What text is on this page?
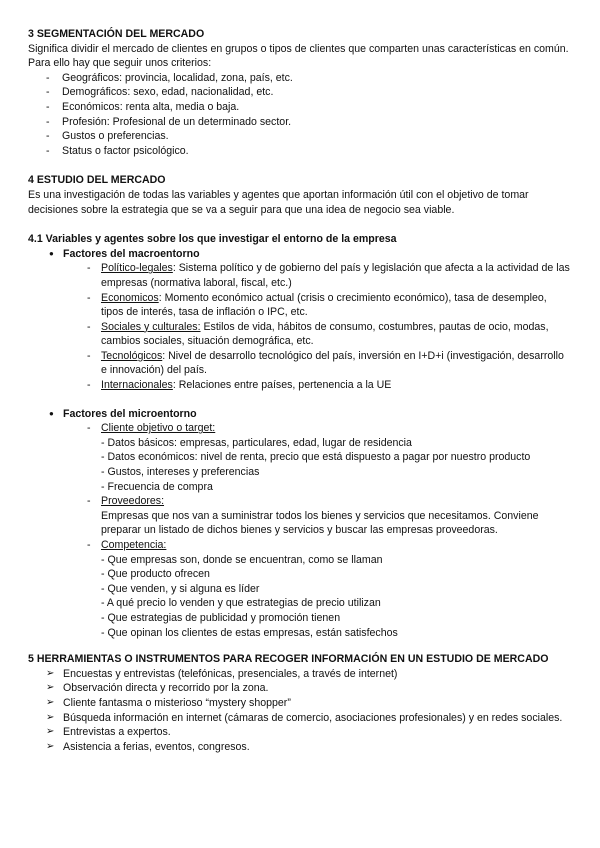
3 SEGMENTACIÓN DEL MERCADO

Significa dividir el mercado de clientes en grupos o tipos de clientes que comparten unas características en común. Para ello hay que seguir unos criterios:

- Geográficos: provincia, localidad, zona, país, etc.
- Demográficos: sexo, edad, nacionalidad, etc.
- Económicos: renta alta, media o baja.
- Profesión: Profesional de un determinado sector.
- Gustos o preferencias.
- Status o factor psicológico.
4 ESTUDIO DEL MERCADO

Es una investigación de todas las variables y agentes que aportan información útil con el objetivo de tomar decisiones sobre la estrategia que se va a seguir para que una idea de negocio sea viable.

4.1 Variables y agentes sobre los que investigar el entorno de la empresa
● Factores del macroentorno
- Político-legales: Sistema político y de gobierno del país y legislación que afecta a la actividad de las empresas (normativa laboral, fiscal, etc.)
- Economicos: Momento económico actual (crisis o crecimiento económico), tasa de desempleo, tipos de interés, tasa de inflación o IPC, etc.
- Sociales y culturales: Estilos de vida, hábitos de consumo, costumbres, pautas de ocio, modas, cambios sociales, situación demográfica, etc.
- Tecnológicos: Nivel de desarrollo tecnológico del país, inversión en I+D+i (investigación, desarrollo e innovación) del país.
- Internacionales: Relaciones entre países, pertenencia a la UE
● Factores del microentorno
- Cliente objetivo o target:
- Datos básicos: empresas, particulares, edad, lugar de residencia
- Datos económicos: nivel de renta, precio que está dispuesto a pagar por nuestro producto
- Gustos, intereses y preferencias
- Frecuencia de compra
- Proveedores:
Empresas que nos van a suministrar todos los bienes y servicios que necesitamos. Conviene preparar un listado de dichos bienes y servicios y buscar las empresas proveedoras.
- Competencia:
- Que empresas son, donde se encuentran, como se llaman
- Que producto ofrecen
- Que venden, y si alguna es líder
- A qué precio lo venden y que estrategias de precio utilizan
- Que estrategias de publicidad y promoción tienen
- Que opinan los clientes de estas empresas, están satisfechos
5 HERRAMIENTAS O INSTRUMENTOS PARA RECOGER INFORMACIÓN EN UN ESTUDIO DE MERCADO
➢ Encuestas y entrevistas (telefónicas, presenciales, a través de internet)
➢ Observación directa y recorrido por la zona.
➢ Cliente fantasma o misterioso “mystery shopper”
➢ Búsqueda información en internet (cámaras de comercio, asociaciones profesionales) y en redes sociales.
➢ Entrevistas a expertos.
➢ Asistencia a ferias, eventos, congresos.
